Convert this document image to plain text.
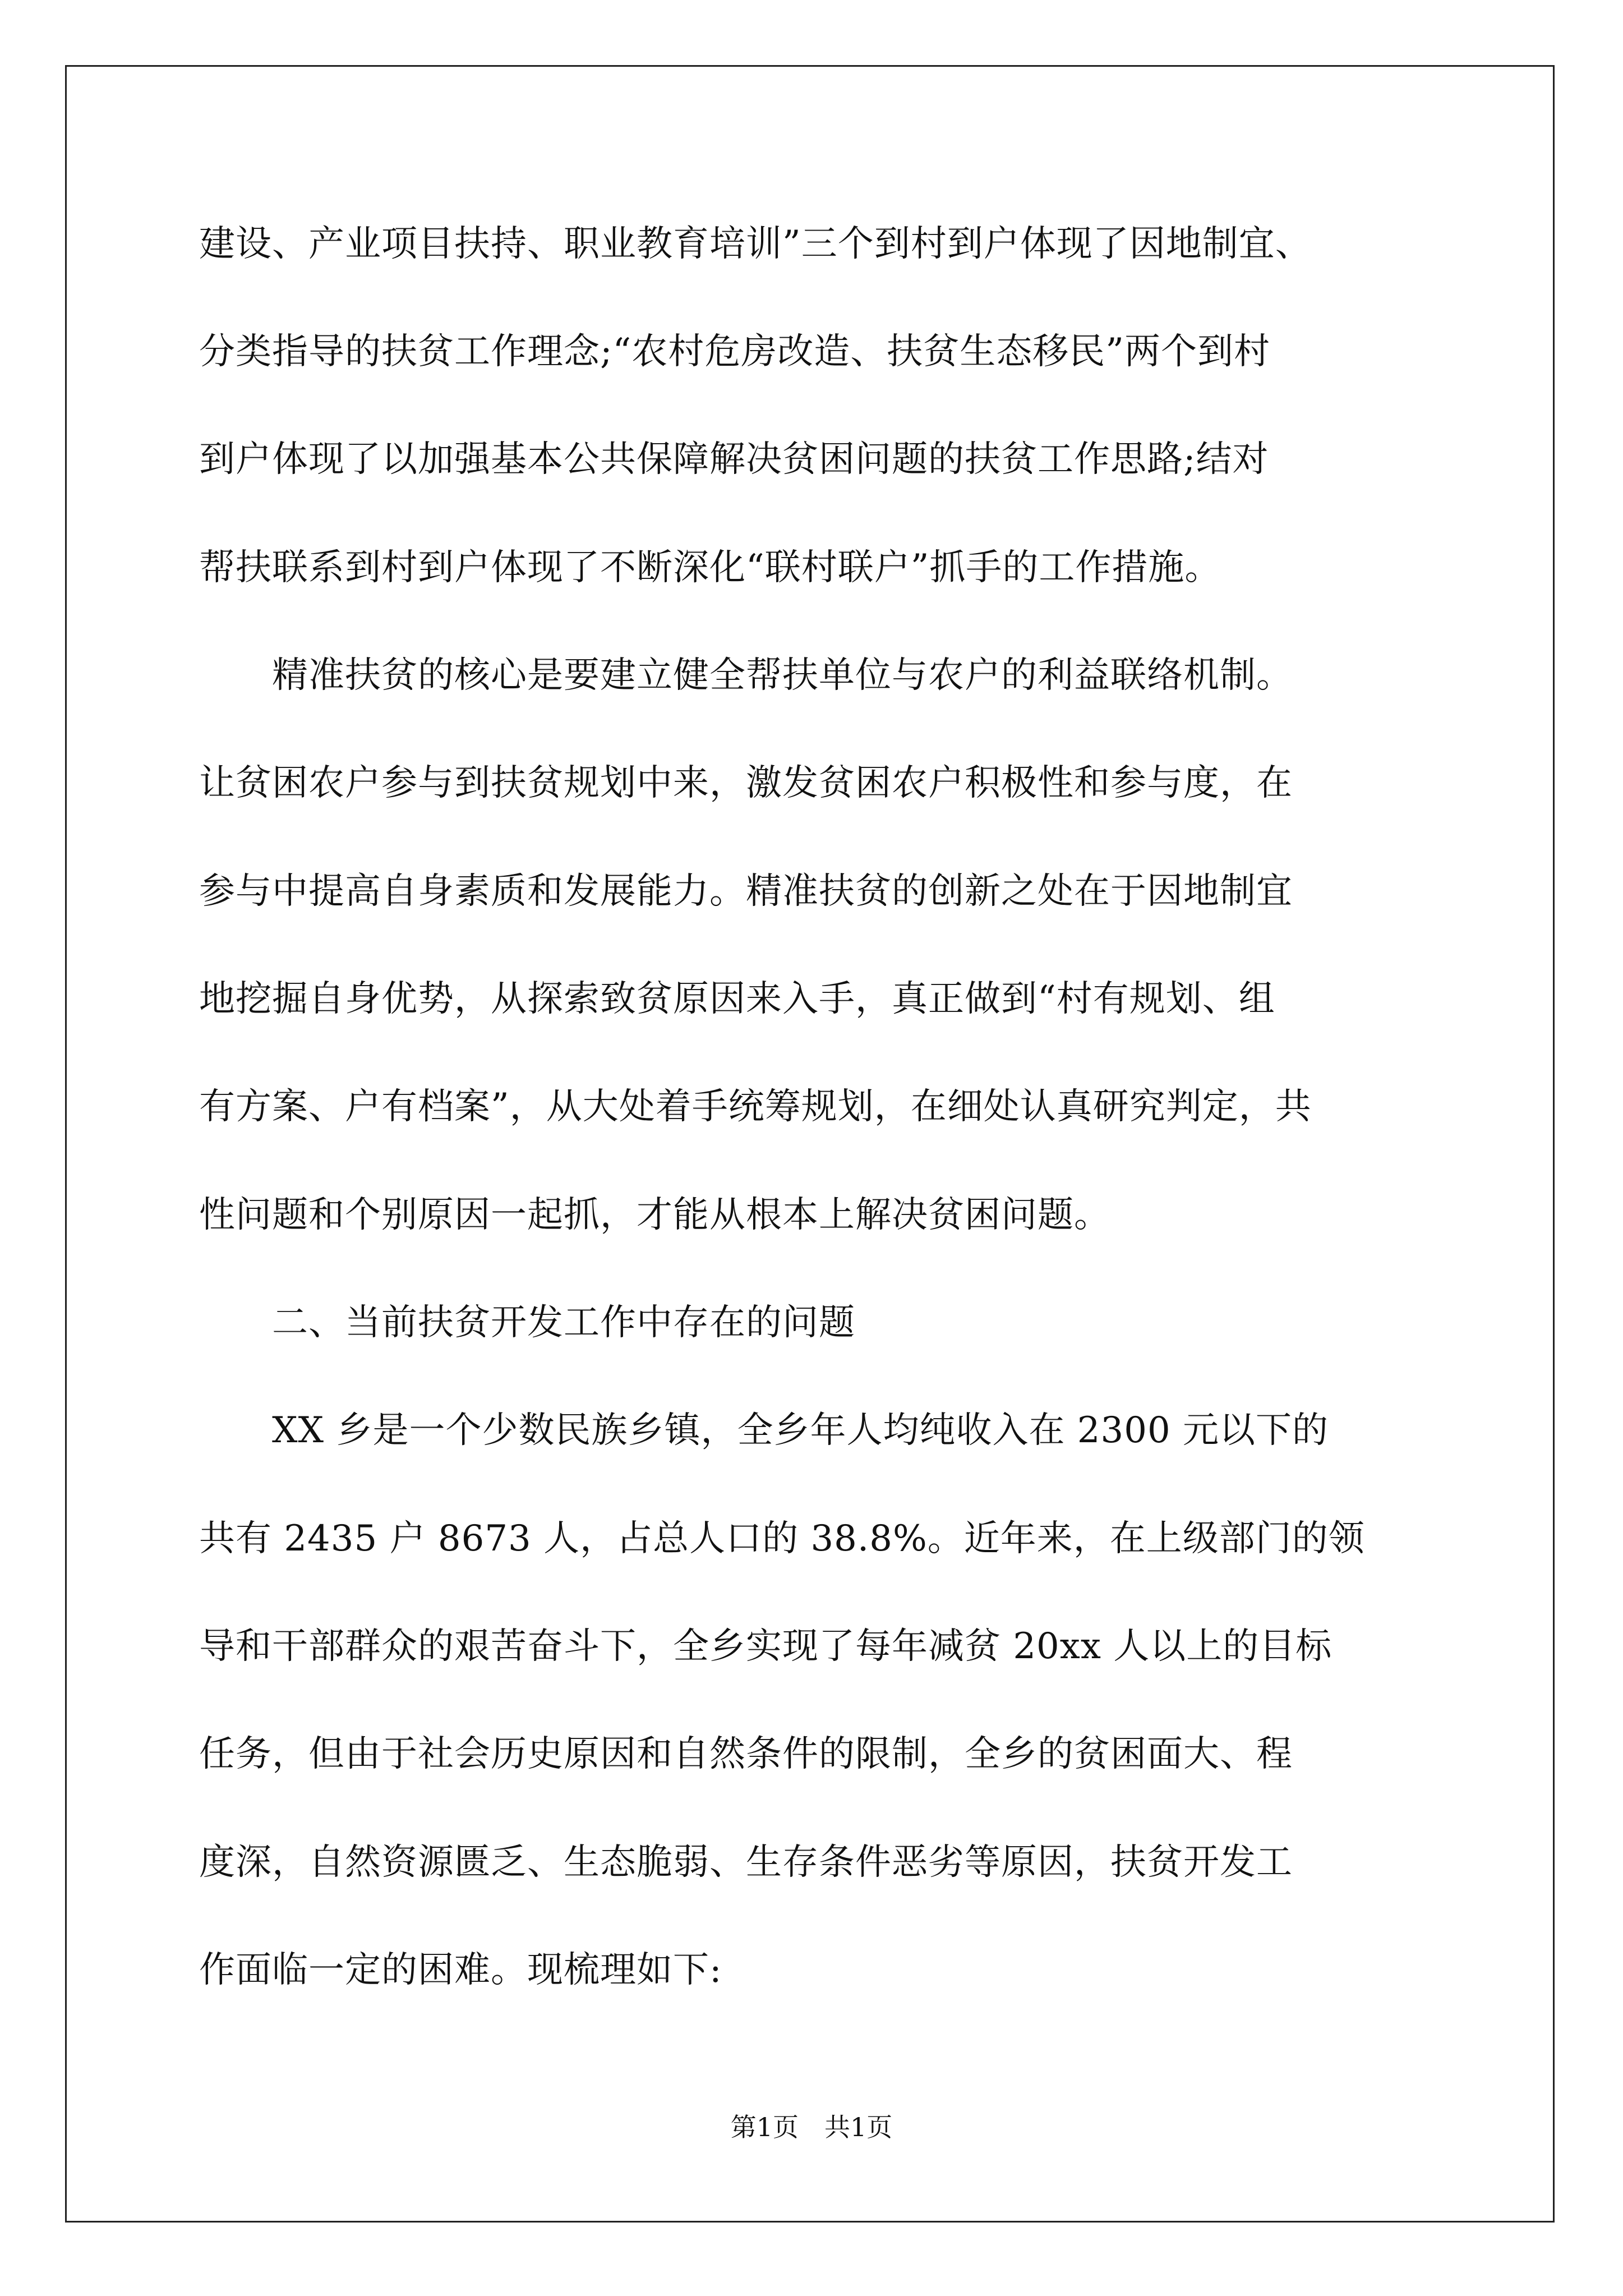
建设、产业项目扶持、职业教育培训”三个到村到户体现了因地制宜、

分类指导的扶贫工作理念;“农村危房改造、扶贫生态移民”两个到村

到户体现了以加强基本公共保障解决贫困问题的扶贫工作思路;结对

帮扶联系到村到户体现了不断深化“联村联户”抓手的工作措施。

　　精准扶贫的核心是要建立健全帮扶单位与农户的利益联络机制。

让贫困农户参与到扶贫规划中来，激发贫困农户积极性和参与度，在

参与中提高自身素质和发展能力。精准扶贫的创新之处在于因地制宜

地挖掘自身优势，从探索致贫原因来入手，真正做到“村有规划、组

有方案、户有档案”，从大处着手统筹规划，在细处认真研究判定，共

性问题和个别原因一起抓，才能从根本上解决贫困问题。

　　二、当前扶贫开发工作中存在的问题

　　XX 乡是一个少数民族乡镇，全乡年人均纯收入在 2300 元以下的

共有 2435 户 8673 人，占总人口的 38.8%。近年来，在上级部门的领

导和干部群众的艰苦奋斗下，全乡实现了每年减贫 20xx 人以上的目标

任务，但由于社会历史原因和自然条件的限制，全乡的贫困面大、程

度深，自然资源匮乏、生态脆弱、生存条件恶劣等原因，扶贫开发工

作面临一定的困难。现梳理如下:

第1页　共1页
